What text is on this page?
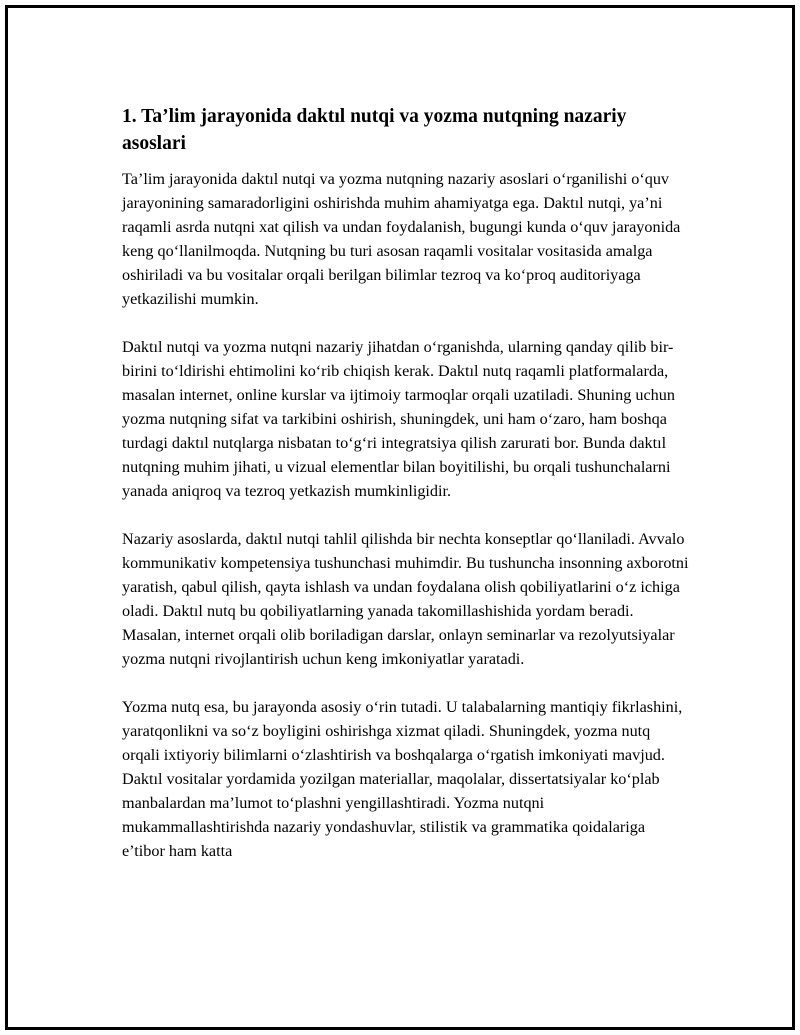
1. Ta’lim jarayonida daktıl nutqi va yozma nutqning nazariy asoslari

Ta’lim jarayonida daktıl nutqi va yozma nutqning nazariy asoslari o‘rganilishi o‘quv jarayonining samaradorligini oshirishda muhim ahamiyatga ega. Daktıl nutqi, ya’ni raqamli asrda nutqni xat qilish va undan foydalanish, bugungi kunda o‘quv jarayonida keng qo‘llanilmoqda. Nutqning bu turi asosan raqamli vositalar vositasida amalga oshiriladi va bu vositalar orqali berilgan bilimlar tezroq va ko‘proq auditoriyaga yetkazilishi mumkin.

Daktıl nutqi va yozma nutqni nazariy jihatdan o‘rganishda, ularning qanday qilib bir-birini to‘ldirishi ehtimolini ko‘rib chiqish kerak. Daktıl nutq raqamli platformalarda, masalan internet, online kurslar va ijtimoiy tarmoqlar orqali uzatiladi. Shuning uchun yozma nutqning sifat va tarkibini oshirish, shuningdek, uni ham o‘zaro, ham boshqa turdagi daktıl nutqlarga nisbatan to‘g‘ri integratsiya qilish zarurati bor. Bunda daktıl nutqning muhim jihati, u vizual elementlar bilan boyitilishi, bu orqali tushunchalarni yanada aniqroq va tezroq yetkazish mumkinligidir.

Nazariy asoslarda, daktıl nutqi tahlil qilishda bir nechta konseptlar qo‘llaniladi. Avvalo kommunikativ kompetensiya tushunchasi muhimdir. Bu tushuncha insonning axborotni yaratish, qabul qilish, qayta ishlash va undan foydalana olish qobiliyatlarini o‘z ichiga oladi. Daktıl nutq bu qobiliyatlarning yanada takomillashishida yordam beradi. Masalan, internet orqali olib boriladigan darslar, onlayn seminarlar va rezolyutsiyalar yozma nutqni rivojlantirish uchun keng imkoniyatlar yaratadi.

Yozma nutq esa, bu jarayonda asosiy o‘rin tutadi. U talabalarning mantiqiy fikrlashini, yaratqonlikni va so‘z boyligini oshirishga xizmat qiladi. Shuningdek, yozma nutq orqali ixtiyoriy bilimlarni o‘zlashtirish va boshqalarga o‘rgatish imkoniyati mavjud. Daktıl vositalar yordamida yozilgan materiallar, maqolalar, dissertatsiyalar ko‘plab manbalardan ma’lumot to‘plashni yengillashtiradi. Yozma nutqni mukammallashtirishda nazariy yondashuvlar, stilistik va grammatika qoidalariga e’tibor ham katta
